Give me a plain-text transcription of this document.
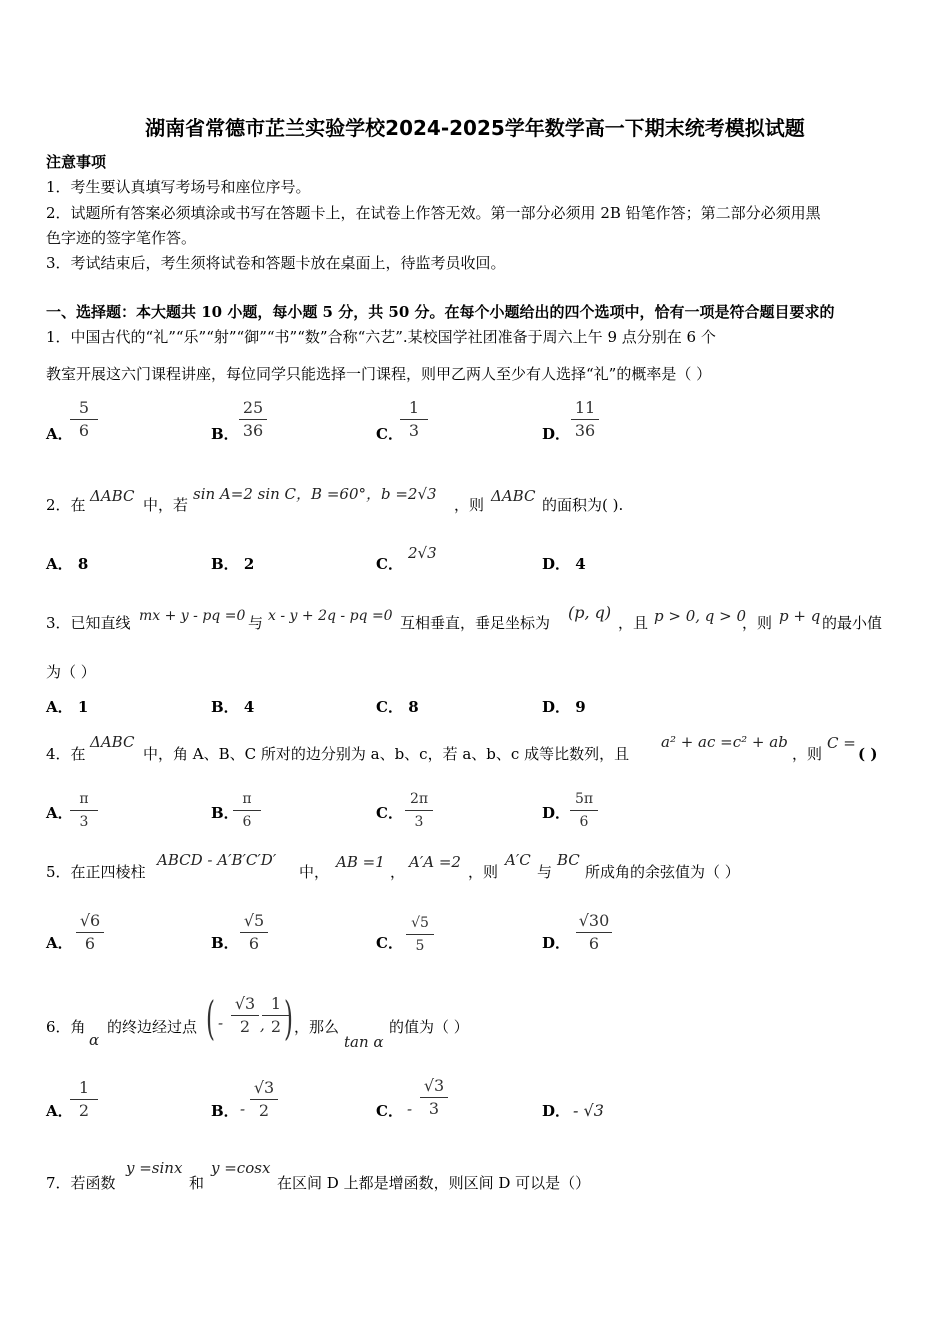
湖南省常德市芷兰实验学校2024-2025学年数学高一下期末统考模拟试题
注意事项
1．考生要认真填写考场号和座位序号。
2．试题所有答案必须填涂或书写在答题卡上，在试卷上作答无效。第一部分必须用 2B 铅笔作答；第二部分必须用黑
色字迹的签字笔作答。
3．考试结束后，考生须将试卷和答题卡放在桌面上，待监考员收回。
一、选择题：本大题共 10 小题，每小题 5 分，共 50 分。在每个小题给出的四个选项中，恰有一项是符合题目要求的
1．中国古代的“礼”“乐”“射”“御”“书”“数”合称“六艺”.某校国学社团准备于周六上午 9 点分别在 6 个
教室开展这六门课程讲座，每位同学只能选择一门课程，则甲乙两人至少有人选择“礼”的概率是（ ）
A．
5
6	B．
25
36	C．
1
3	D．
11
36
2．在 ΔABC 中，若
sin A=2 sin C，B =60°，b =2√3
，则 ΔABC 的面积为( ).
A． 8	B． 2	C．
2√3
D． 4
3．已知直线 mx + y - pq =0 与 x - y + 2q - pq =0 互相垂直，垂足坐标为
(p, q)
，且 p > 0, q > 0
，则 p + q 的最小值
为（ ）
A． 1	B． 4	C． 8	D． 9
4．在
ΔABC
中，角 A、B、C 所对的边分别为 a、b、c，若 a、b、c 成等比数列，且
a² + ac =c² + ab
，则
C =
( )
A．
π
3	B．
π
6	C．
2π
3	D．
5π
6
5．在正四棱柱
ABCD - A′B′C′D′
中，
AB =1
，
A′A =2
，则
A′C
与
BC
所成角的余弦值为（ ）
A．
√6
6	B．
√5
6	C．
√5
5	D．
√30
6
6．角
α
的终边经过点 ( -
√3
2 ,
1
2 ) ，那么
tan α
的值为（ ）
A．
1
2	B． -
√3
2	C． -
√3
3	D． - √3
7．若函数
y =sinx
和
y =cosx
在区间 D 上都是增函数，则区间 D 可以是（）
